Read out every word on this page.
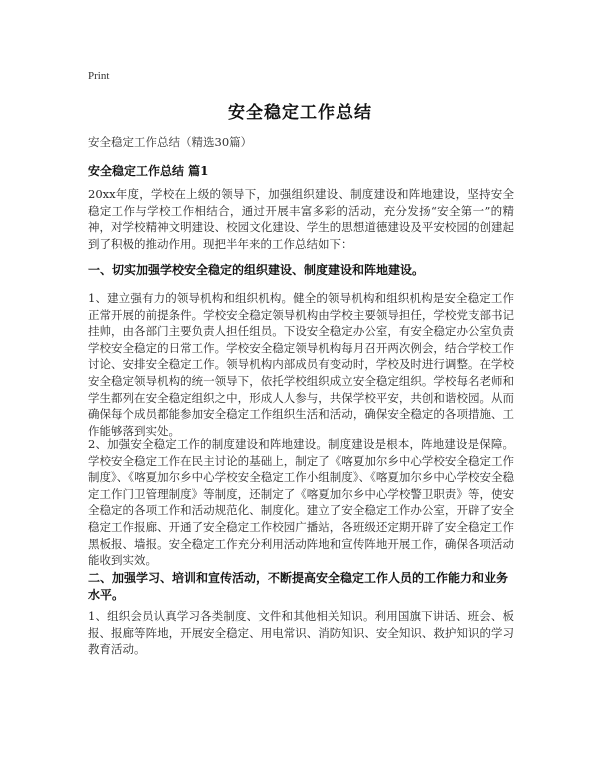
Print
安全稳定工作总结
安全稳定工作总结（精选30篇）
安全稳定工作总结 篇1

20xx年度，学校在上级的领导下，加强组织建设、制度建设和阵地建设，坚持安全稳定工作与学校工作相结合，通过开展丰富多彩的活动，充分发扬“安全第一”的精神，对学校精神文明建设、校园文化建设、学生的思想道德建设及平安校园的创建起到了积极的推动作用。现把半年来的工作总结如下：

一、切实加强学校安全稳定的组织建设、制度建设和阵地建设。

1、建立强有力的领导机构和组织机构。健全的领导机构和组织机构是安全稳定工作正常开展的前提条件。学校安全稳定领导机构由学校主要领导担任，学校党支部书记挂帅，由各部门主要负责人担任组员。下设安全稳定办公室，有安全稳定办公室负责学校安全稳定的日常工作。学校安全稳定领导机构每月召开两次例会，结合学校工作讨论、安排安全稳定工作。领导机构内部成员有变动时，学校及时进行调整。在学校安全稳定领导机构的统一领导下，依托学校组织成立安全稳定组织。学校每名老师和学生都列在安全稳定组织之中，形成人人参与，共保学校平安，共创和谐校园。从而确保每个成员都能参加安全稳定工作组织生活和活动，确保安全稳定的各项措施、工作能够落到实处。

2、加强安全稳定工作的制度建设和阵地建设。制度建设是根本，阵地建设是保障。学校安全稳定工作在民主讨论的基础上，制定了《喀夏加尔乡中心学校安全稳定工作制度》、《喀夏加尔乡中心学校安全稳定工作小组制度》、《喀夏加尔乡中心学校安全稳定工作门卫管理制度》等制度，还制定了《喀夏加尔乡中心学校警卫职责》等，使安全稳定的各项工作和活动规范化、制度化。建立了安全稳定工作办公室，开辟了安全稳定工作报廊、开通了安全稳定工作校园广播站，各班级还定期开辟了安全稳定工作黑板报、墙报。安全稳定工作充分利用活动阵地和宣传阵地开展工作，确保各项活动能收到实效。

二、加强学习、培训和宣传活动，不断提高安全稳定工作人员的工作能力和业务水平。

1、组织会员认真学习各类制度、文件和其他相关知识。利用国旗下讲话、班会、板报、报廊等阵地，开展安全稳定、用电常识、消防知识、安全知识、救护知识的学习教育活动。
